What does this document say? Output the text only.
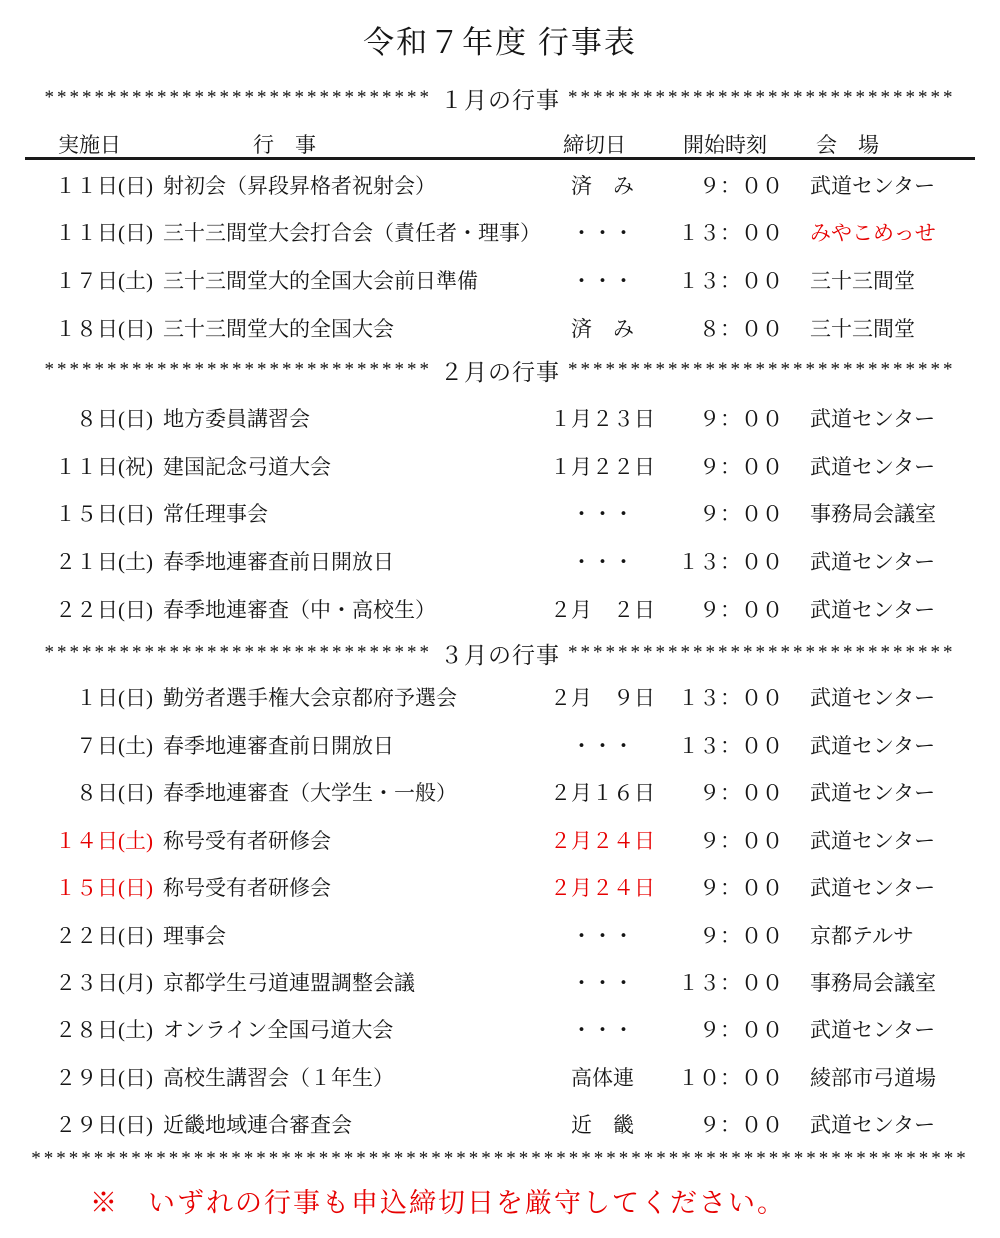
令和７年度 行事表
******************************* １月の行事 *******************************
実施日	行　事	締切日	開始時刻 会　場
１１日(日) 射初会（昇段昇格者祝射会）	済　み	９：００ 武道センター
１１日(日) 三十三間堂大会打合会（責任者・理事）	・・・	１３：００ みやこめっせ
１７日(土) 三十三間堂大的全国大会前日準備	・・・	１３：００ 三十三間堂
１８日(日) 三十三間堂大的全国大会	済　み	８：００ 三十三間堂
******************************* ２月の行事 *******************************
　８日(日) 地方委員講習会	１月２３日	９：００ 武道センター
１１日(祝) 建国記念弓道大会	１月２２日	９：００ 武道センター
１５日(日) 常任理事会	・・・	９：００ 事務局会議室
２１日(土) 春季地連審査前日開放日	・・・	１３：００ 武道センター
２２日(日) 春季地連審査（中・高校生）	２月　２日	９：００ 武道センター
******************************* ３月の行事 *******************************
　１日(日) 勤労者選手権大会京都府予選会	２月　９日	１３：００ 武道センター
　７日(土) 春季地連審査前日開放日	・・・	１３：００ 武道センター
　８日(日) 春季地連審査（大学生・一般）	２月１６日	９：００ 武道センター
１４日(土) 称号受有者研修会	２月２４日	９：００ 武道センター
１５日(日) 称号受有者研修会	２月２４日	９：００ 武道センター
２２日(日) 理事会	・・・	９：００ 京都テルサ
２３日(月) 京都学生弓道連盟調整会議	・・・	１３：００ 事務局会議室
２８日(土) オンライン全国弓道大会	・・・	９：００ 武道センター
２９日(日) 高校生講習会（１年生）	高体連	１０：００ 綾部市弓道場
２９日(日) 近畿地域連合審査会	近　畿	９：００ 武道センター
***************************************************************************
※　いずれの行事も申込締切日を厳守してください。
